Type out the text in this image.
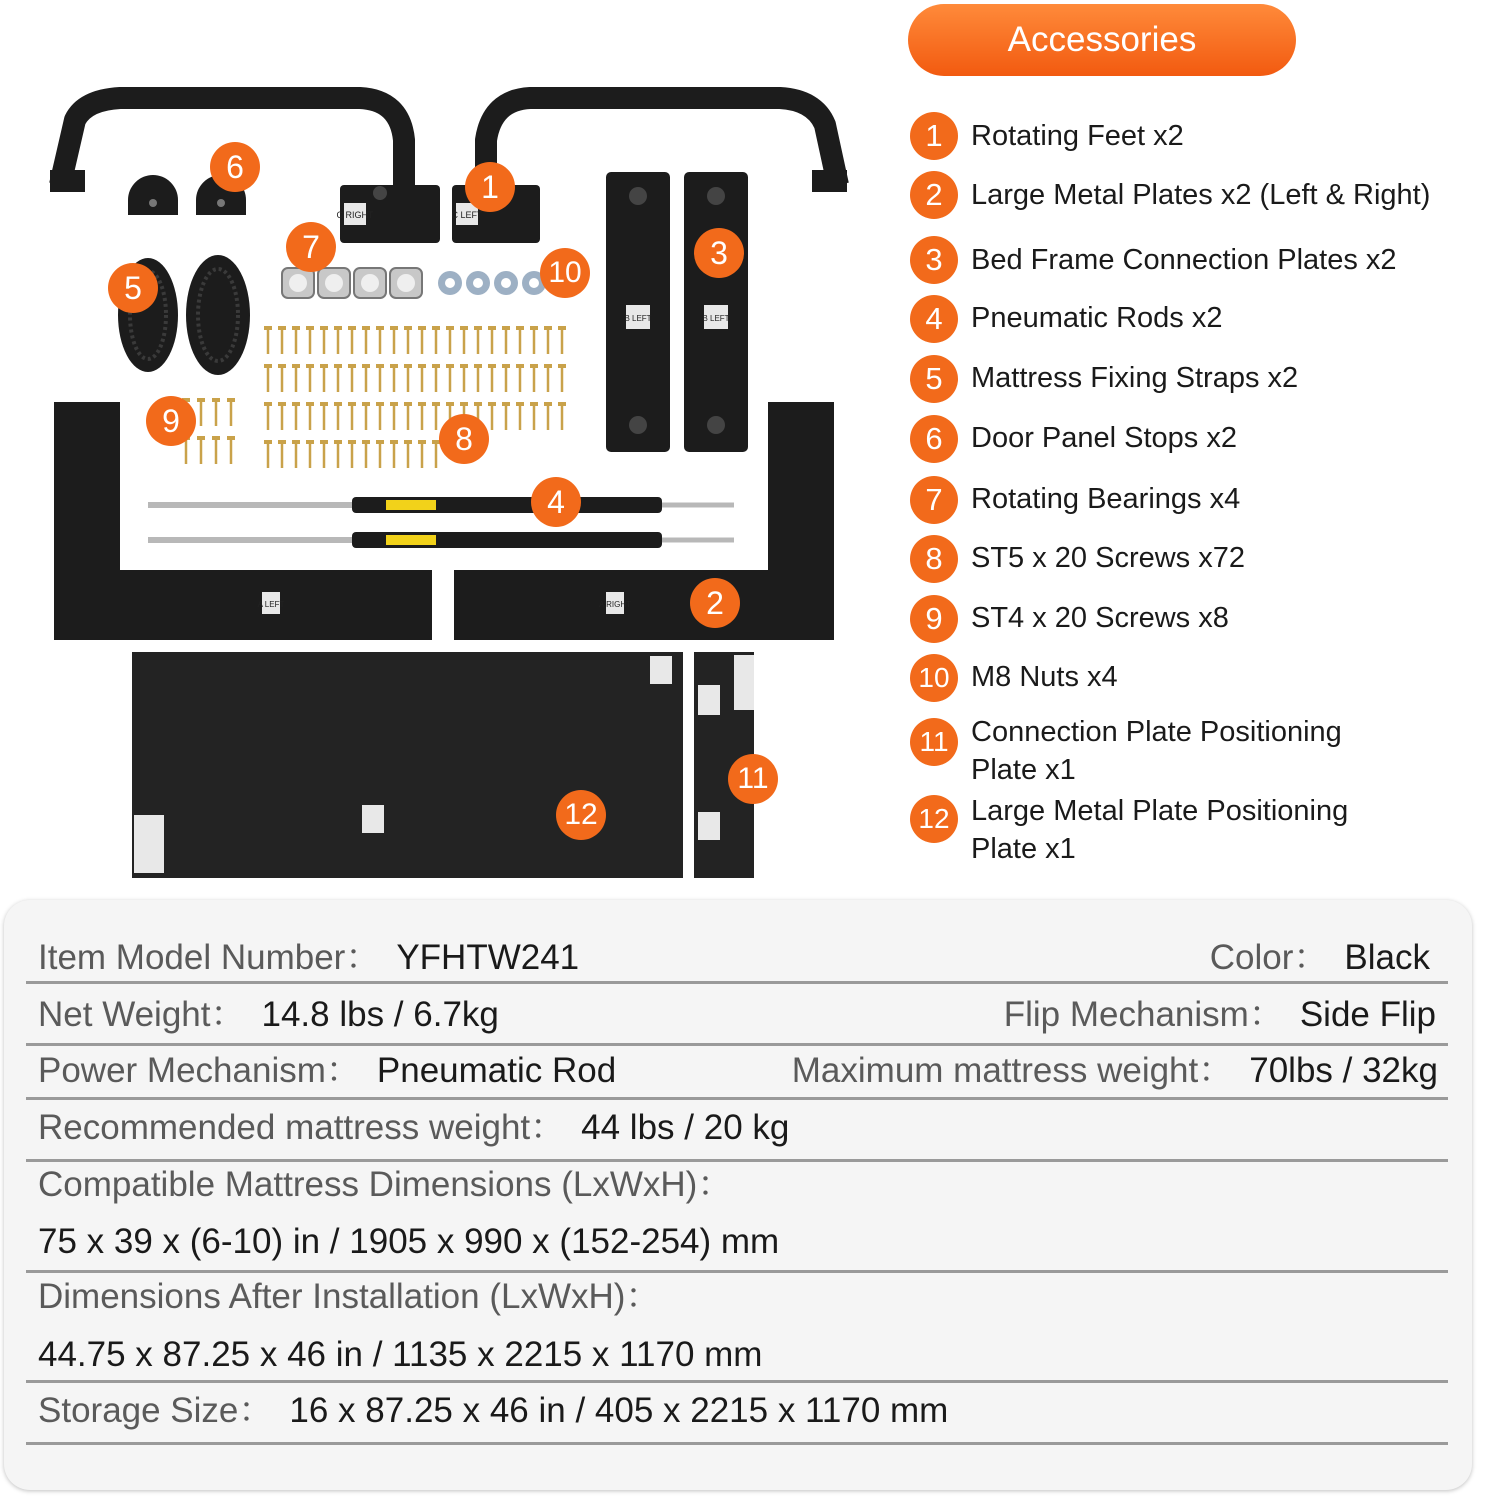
C RIGHT	C LEFT
B LEFT	B LEFT
A LEFT	A RIGHT
1
2
3
4
5
6
7
8
9
10
11
12
Accessories
1 Rotating Feet x2
2 Large Metal Plates x2 (Left & Right)
3 Bed Frame Connection Plates x2
4 Pneumatic Rods x2
5 Mattress Fixing Straps x2
6 Door Panel Stops x2
7 Rotating Bearings x4
8 ST5 x 20 Screws x72
9 ST4 x 20 Screws x8
10 M8 Nuts x4
11 Connection Plate Positioning
Plate x1
12 Large Metal Plate Positioning
Plate x1
Item Model Number： YFHTW241	Color： Black
Net Weight： 14.8 lbs / 6.7kg	Flip Mechanism： Side Flip
Power Mechanism： Pneumatic Rod	Maximum mattress weight： 70lbs / 32kg
Recommended mattress weight： 44 lbs / 20 kg
Compatible Mattress Dimensions (LxWxH)：
75 x 39 x (6-10) in / 1905 x 990 x (152-254) mm
Dimensions After Installation (LxWxH)：
44.75 x 87.25 x 46 in / 1135 x 2215 x 1170 mm
Storage Size： 16 x 87.25 x 46 in / 405 x 2215 x 1170 mm
